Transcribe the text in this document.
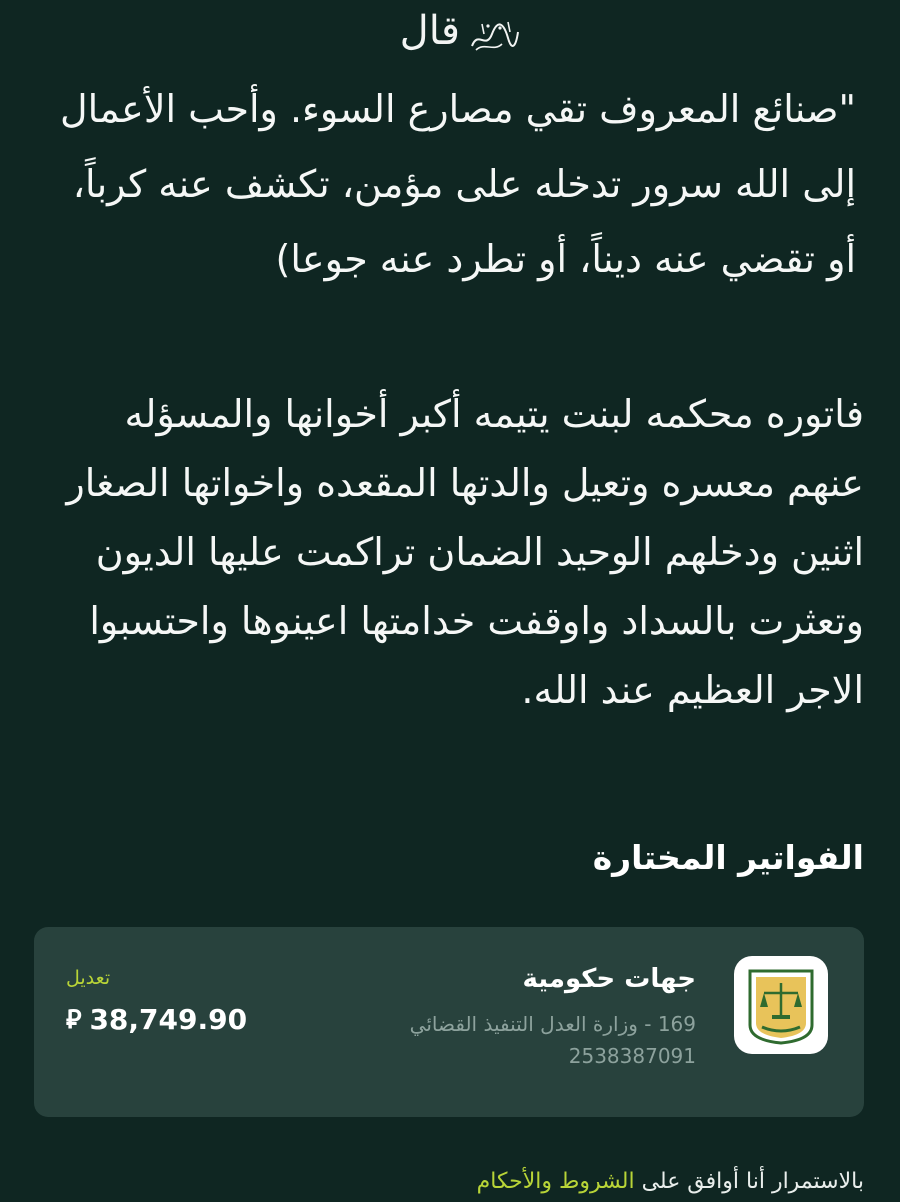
قال
"صنائع المعروف تقي مصارع السوء. وأحب الأعمال إلى الله سرور تدخله على مؤمن، تكشف عنه كرباً، أو تقضي عنه ديناً، أو تطرد عنه جوعا)
فاتوره محكمه لبنت يتيمه أكبر أخوانها والمسؤله عنهم معسره وتعيل والدتها المقعده واخواتها الصغار اثنين ودخلهم الوحيد الضمان تراكمت عليها الديون وتعثرت بالسداد واوقفت خدامتها اعينوها واحتسبوا الاجر العظيم عند الله.
الفواتير المختارة
جهات حكومية
169 - وزارة العدل التنفيذ القضائي
2538387091
تعديل
⃁ 38,749.90
بالاستمرار أنا أوافق على الشروط والأحكام
